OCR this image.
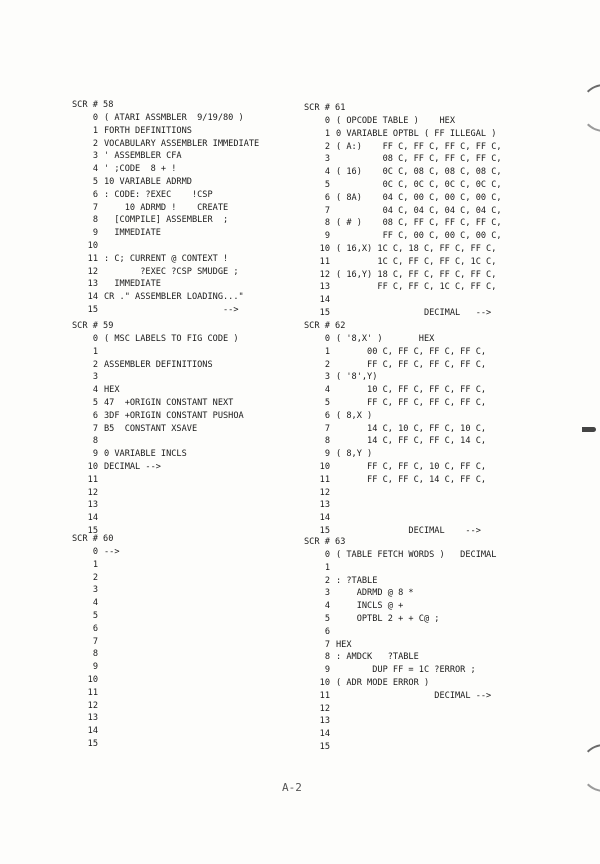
SCR # 58
0 ( ATARI ASSMBLER  9/19/80 )
1 FORTH DEFINITIONS
2 VOCABULARY ASSEMBLER IMMEDIATE
3 ' ASSEMBLER CFA
4 ' ;CODE  8 + !
5 10 VARIABLE ADRMD
6 : CODE: ?EXEC    !CSP
7    10 ADRMD !    CREATE
8  [COMPILE] ASSEMBLER  ;
9  IMMEDIATE
10
11 : C; CURRENT @ CONTEXT !
12       ?EXEC ?CSP SMUDGE ;
13  IMMEDIATE
14 CR ." ASSEMBLER LOADING..."
15                       -->
SCR # 59
0 ( MSC LABELS TO FIG CODE )
1
2 ASSEMBLER DEFINITIONS
3
4 HEX
5 47  +ORIGIN CONSTANT NEXT
6 3DF +ORIGIN CONSTANT PUSHOA
7 B5  CONSTANT XSAVE
8
9 0 VARIABLE INCLS
10 DECIMAL -->
11
12
13
14
15
SCR # 60
0 -->
1
2
3
4
5
6
7
8
9
10
11
12
13
14
15
SCR # 61
0 ( OPCODE TABLE )    HEX
1 0 VARIABLE OPTBL ( FF ILLEGAL )
2 ( A:)    FF C, FF C, FF C, FF C,
3         08 C, FF C, FF C, FF C,
4 ( 16)    0C C, 08 C, 08 C, 08 C,
5         0C C, 0C C, 0C C, 0C C,
6 ( 8A)    04 C, 00 C, 00 C, 00 C,
7         04 C, 04 C, 04 C, 04 C,
8 ( # )    08 C, FF C, FF C, FF C,
9         FF C, 00 C, 00 C, 00 C,
10 ( 16,X) 1C C, 18 C, FF C, FF C,
11        1C C, FF C, FF C, 1C C,
12 ( 16,Y) 18 C, FF C, FF C, FF C,
13        FF C, FF C, 1C C, FF C,
14
15                 DECIMAL   -->
SCR # 62
0 ( '8,X' )       HEX
1      00 C, FF C, FF C, FF C,
2      FF C, FF C, FF C, FF C,
3 ( '8',Y)
4      10 C, FF C, FF C, FF C,
5      FF C, FF C, FF C, FF C,
6 ( 8,X )
7      14 C, 10 C, FF C, 10 C,
8      14 C, FF C, FF C, 14 C,
9 ( 8,Y )
10      FF C, FF C, 10 C, FF C,
11      FF C, FF C, 14 C, FF C,
12
13
14
15              DECIMAL    -->
SCR # 63
0 ( TABLE FETCH WORDS )   DECIMAL
1
2 : ?TABLE
3    ADRMD @ 8 *
4    INCLS @ +
5    OPTBL 2 + + C@ ;
6
7 HEX
8 : AMDCK   ?TABLE
9       DUP FF = 1C ?ERROR ;
10 ( ADR MODE ERROR )
11                   DECIMAL -->
12
13
14
15
A-2
